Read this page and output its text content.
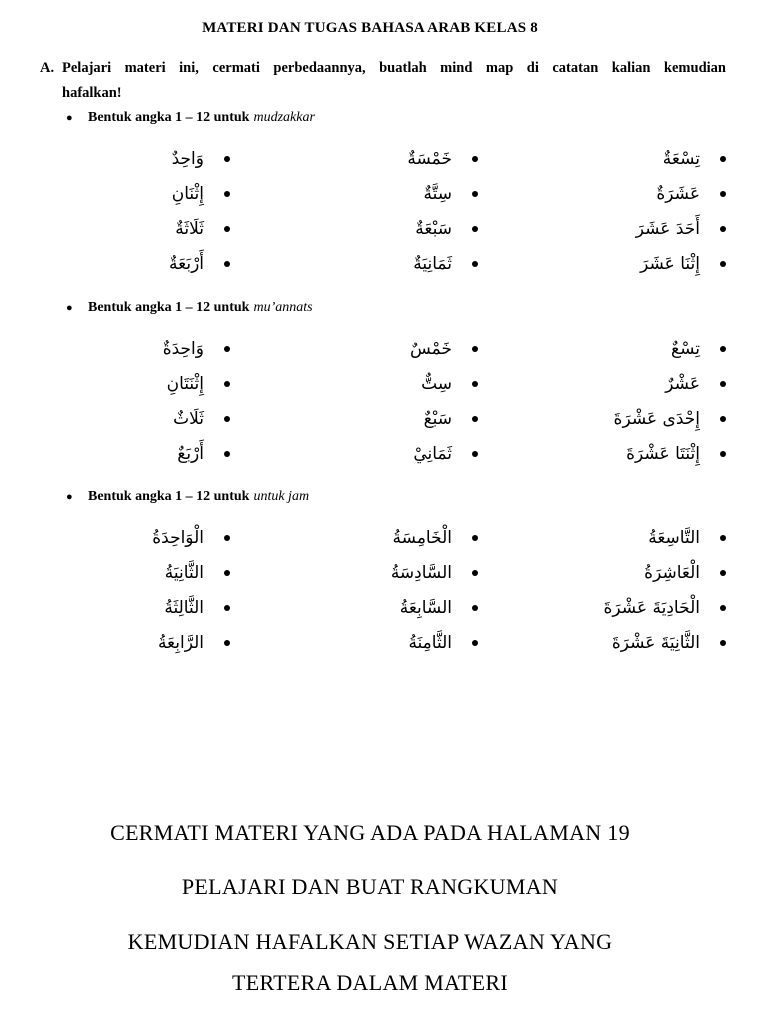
MATERI DAN TUGAS BAHASA ARAB KELAS 8
A. Pelajari materi ini, cermati perbedaannya, buatlah mind map di catatan kalian kemudian
hafalkan!
●	Bentuk angka 1 – 12 untuk mudzakkar
وَاحِدٌ	خَمْسَةٌ	تِسْعَةٌ
إِثْنَانِ	سِتَّةٌ	عَشَرَةٌ
ثَلَاثَةٌ	سَبْعَةٌ	أَحَدَ عَشَرَ
أَرْبَعَةٌ	ثَمَانِيَةٌ	إِثْنَا عَشَرَ
●	Bentuk angka 1 – 12 untuk mu’annats
وَاحِدَةٌ	خَمْسٌ	تِسْعٌ
إِثْنَتَانِ	سِتٌّ	عَشْرٌ
ثَلَاثٌ	سَبْعٌ	إِحْدَى عَشْرَةَ
أَرْبَعٌ	ثَمَانِيْ	إِثْنَتَا عَشْرَةَ
●	Bentuk angka 1 – 12 untuk untuk jam
الْوَاحِدَةُ	الْخَامِسَةُ	التَّاسِعَةُ
الثَّانِيَةُ	السَّادِسَةُ	الْعَاشِرَةُ
الثَّالِثَةُ	السَّابِعَةُ	الْحَادِيَةَ عَشْرَةَ
الرَّابِعَةُ	الثَّامِنَةُ	الثَّانِيَةَ عَشْرَةَ
CERMATI MATERI YANG ADA PADA HALAMAN 19
PELAJARI DAN BUAT RANGKUMAN
KEMUDIAN HAFALKAN SETIAP WAZAN YANG
TERTERA DALAM MATERI
